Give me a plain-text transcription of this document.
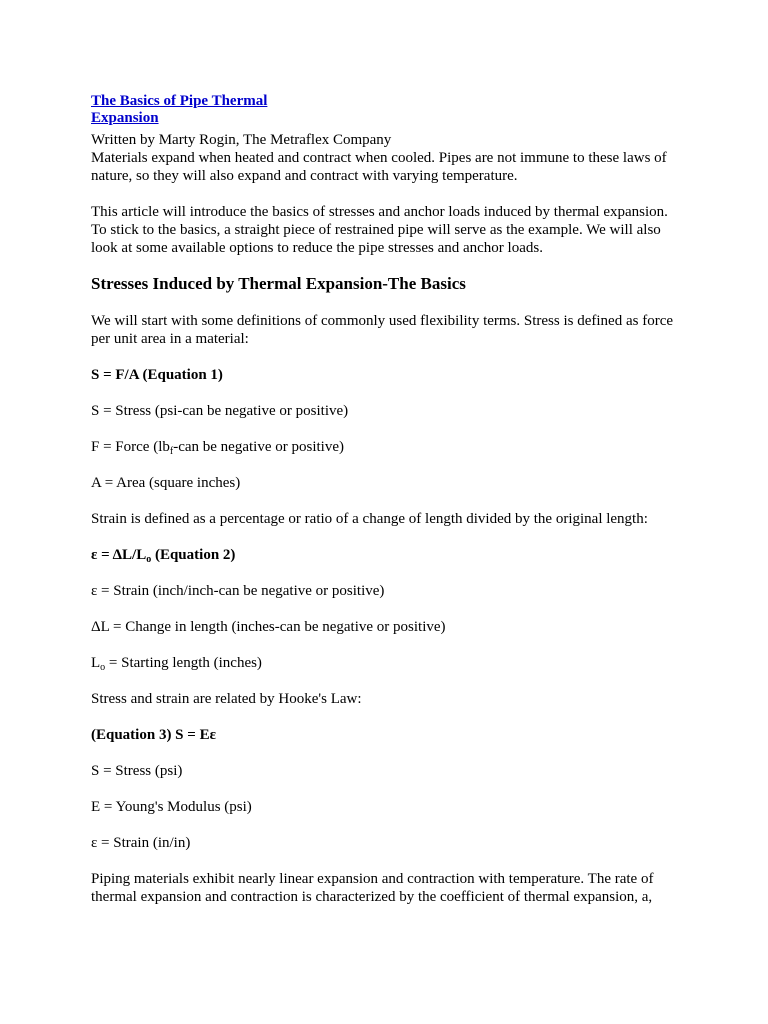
The Basics of Pipe Thermal
Expansion

Written by Marty Rogin, The Metraflex Company

Materials expand when heated and contract when cooled. Pipes are not immune to these laws of nature, so they will also expand and contract with varying temperature.

This article will introduce the basics of stresses and anchor loads induced by thermal expansion. To stick to the basics, a straight piece of restrained pipe will serve as the example. We will also look at some available options to reduce the pipe stresses and anchor loads.

Stresses Induced by Thermal Expansion-The Basics

We will start with some definitions of commonly used flexibility terms. Stress is defined as force per unit area in a material:

S = F/A (Equation 1)

S = Stress (psi-can be negative or positive)

F = Force ($lb_f$-can be negative or positive)

A = Area (square inches)

Strain is defined as a percentage or ratio of a change of length divided by the original length:

$\varepsilon = \Delta L/L_o$ (Equation 2)

ε = Strain (inch/inch-can be negative or positive)

ΔL = Change in length (inches-can be negative or positive)

$L_o$ = Starting length (inches)

Stress and strain are related by Hooke's Law:

(Equation 3) S = Eε

S = Stress (psi)

E = Young's Modulus (psi)

ε = Strain (in/in)

Piping materials exhibit nearly linear expansion and contraction with temperature. The rate of thermal expansion and contraction is characterized by the coefficient of thermal expansion, a,
